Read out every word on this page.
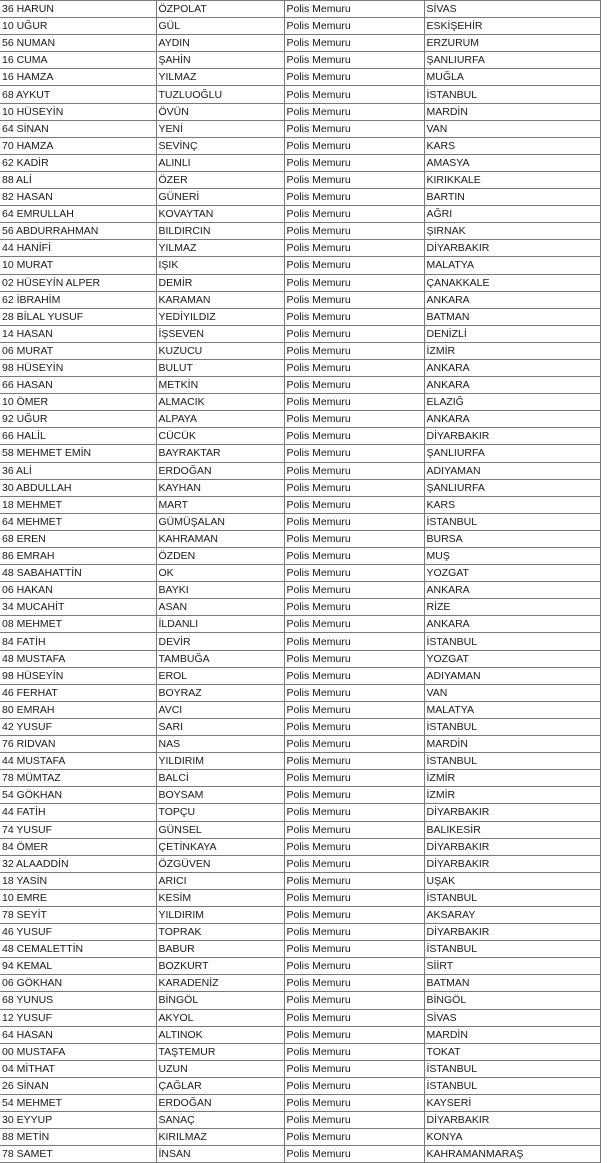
36 HARUN	ÖZPOLAT	Polis Memuru	SİVAS
10 UĞUR	GÜL	Polis Memuru	ESKİŞEHİR
56 NUMAN	AYDIN	Polis Memuru	ERZURUM
16 CUMA	ŞAHİN	Polis Memuru	ŞANLIURFA
16 HAMZA	YILMAZ	Polis Memuru	MUĞLA
68 AYKUT	TUZLUOĞLU	Polis Memuru	İSTANBUL
10 HÜSEYİN	ÖVÜN	Polis Memuru	MARDİN
64 SİNAN	YENİ	Polis Memuru	VAN
70 HAMZA	SEVİNÇ	Polis Memuru	KARS
62 KADİR	ALINLI	Polis Memuru	AMASYA
88 ALİ	ÖZER	Polis Memuru	KIRIKKALE
82 HASAN	GÜNERİ	Polis Memuru	BARTIN
64 EMRULLAH	KOVAYTAN	Polis Memuru	AĞRI
56 ABDURRAHMAN	BILDIRCIN	Polis Memuru	ŞIRNAK
44 HANİFİ	YILMAZ	Polis Memuru	DİYARBAKIR
10 MURAT	IŞIK	Polis Memuru	MALATYA
02 HÜSEYİN ALPER	DEMİR	Polis Memuru	ÇANAKKALE
62 İBRAHİM	KARAMAN	Polis Memuru	ANKARA
28 BİLAL YUSUF	YEDİYILDIZ	Polis Memuru	BATMAN
14 HASAN	İŞSEVEN	Polis Memuru	DENİZLİ
06 MURAT	KUZUCU	Polis Memuru	İZMİR
98 HÜSEYİN	BULUT	Polis Memuru	ANKARA
66 HASAN	METKİN	Polis Memuru	ANKARA
10 ÖMER	ALMACIK	Polis Memuru	ELAZIĞ
92 UĞUR	ALPAYA	Polis Memuru	ANKARA
66 HALİL	CÜCÜK	Polis Memuru	DİYARBAKIR
58 MEHMET EMİN	BAYRAKTAR	Polis Memuru	ŞANLIURFA
36 ALİ	ERDOĞAN	Polis Memuru	ADIYAMAN
30 ABDULLAH	KAYHAN	Polis Memuru	ŞANLIURFA
18 MEHMET	MART	Polis Memuru	KARS
64 MEHMET	GÜMÜŞALAN	Polis Memuru	İSTANBUL
68 EREN	KAHRAMAN	Polis Memuru	BURSA
86 EMRAH	ÖZDEN	Polis Memuru	MUŞ
48 SABAHATTİN	OK	Polis Memuru	YOZGAT
06 HAKAN	BAYKI	Polis Memuru	ANKARA
34 MUCAHİT	ASAN	Polis Memuru	RİZE
08 MEHMET	İLDANLI	Polis Memuru	ANKARA
84 FATİH	DEVİR	Polis Memuru	İSTANBUL
48 MUSTAFA	TAMBUĞA	Polis Memuru	YOZGAT
98 HÜSEYİN	EROL	Polis Memuru	ADIYAMAN
46 FERHAT	BOYRAZ	Polis Memuru	VAN
80 EMRAH	AVCI	Polis Memuru	MALATYA
42 YUSUF	SARI	Polis Memuru	İSTANBUL
76 RIDVAN	NAS	Polis Memuru	MARDİN
44 MUSTAFA	YILDIRIM	Polis Memuru	İSTANBUL
78 MÜMTAZ	BALCİ	Polis Memuru	İZMİR
54 GÖKHAN	BOYSAM	Polis Memuru	İZMİR
44 FATİH	TOPÇU	Polis Memuru	DİYARBAKIR
74 YUSUF	GÜNSEL	Polis Memuru	BALIKESİR
84 ÖMER	ÇETİNKAYA	Polis Memuru	DİYARBAKIR
32 ALAADDİN	ÖZGÜVEN	Polis Memuru	DİYARBAKIR
18 YASİN	ARICI	Polis Memuru	UŞAK
10 EMRE	KESİM	Polis Memuru	İSTANBUL
78 SEYİT	YILDIRIM	Polis Memuru	AKSARAY
46 YUSUF	TOPRAK	Polis Memuru	DİYARBAKIR
48 CEMALETTİN	BABUR	Polis Memuru	İSTANBUL
94 KEMAL	BOZKURT	Polis Memuru	SİİRT
06 GÖKHAN	KARADENİZ	Polis Memuru	BATMAN
68 YUNUS	BİNGÖL	Polis Memuru	BİNGÖL
12 YUSUF	AKYOL	Polis Memuru	SİVAS
64 HASAN	ALTINOK	Polis Memuru	MARDİN
00 MUSTAFA	TAŞTEMUR	Polis Memuru	TOKAT
04 MİTHAT	UZUN	Polis Memuru	İSTANBUL
26 SİNAN	ÇAĞLAR	Polis Memuru	İSTANBUL
54 MEHMET	ERDOĞAN	Polis Memuru	KAYSERİ
30 EYYUP	SANAÇ	Polis Memuru	DİYARBAKIR
88 METİN	KIRILMAZ	Polis Memuru	KONYA
78 SAMET	İNSAN	Polis Memuru	KAHRAMANMARAŞ
